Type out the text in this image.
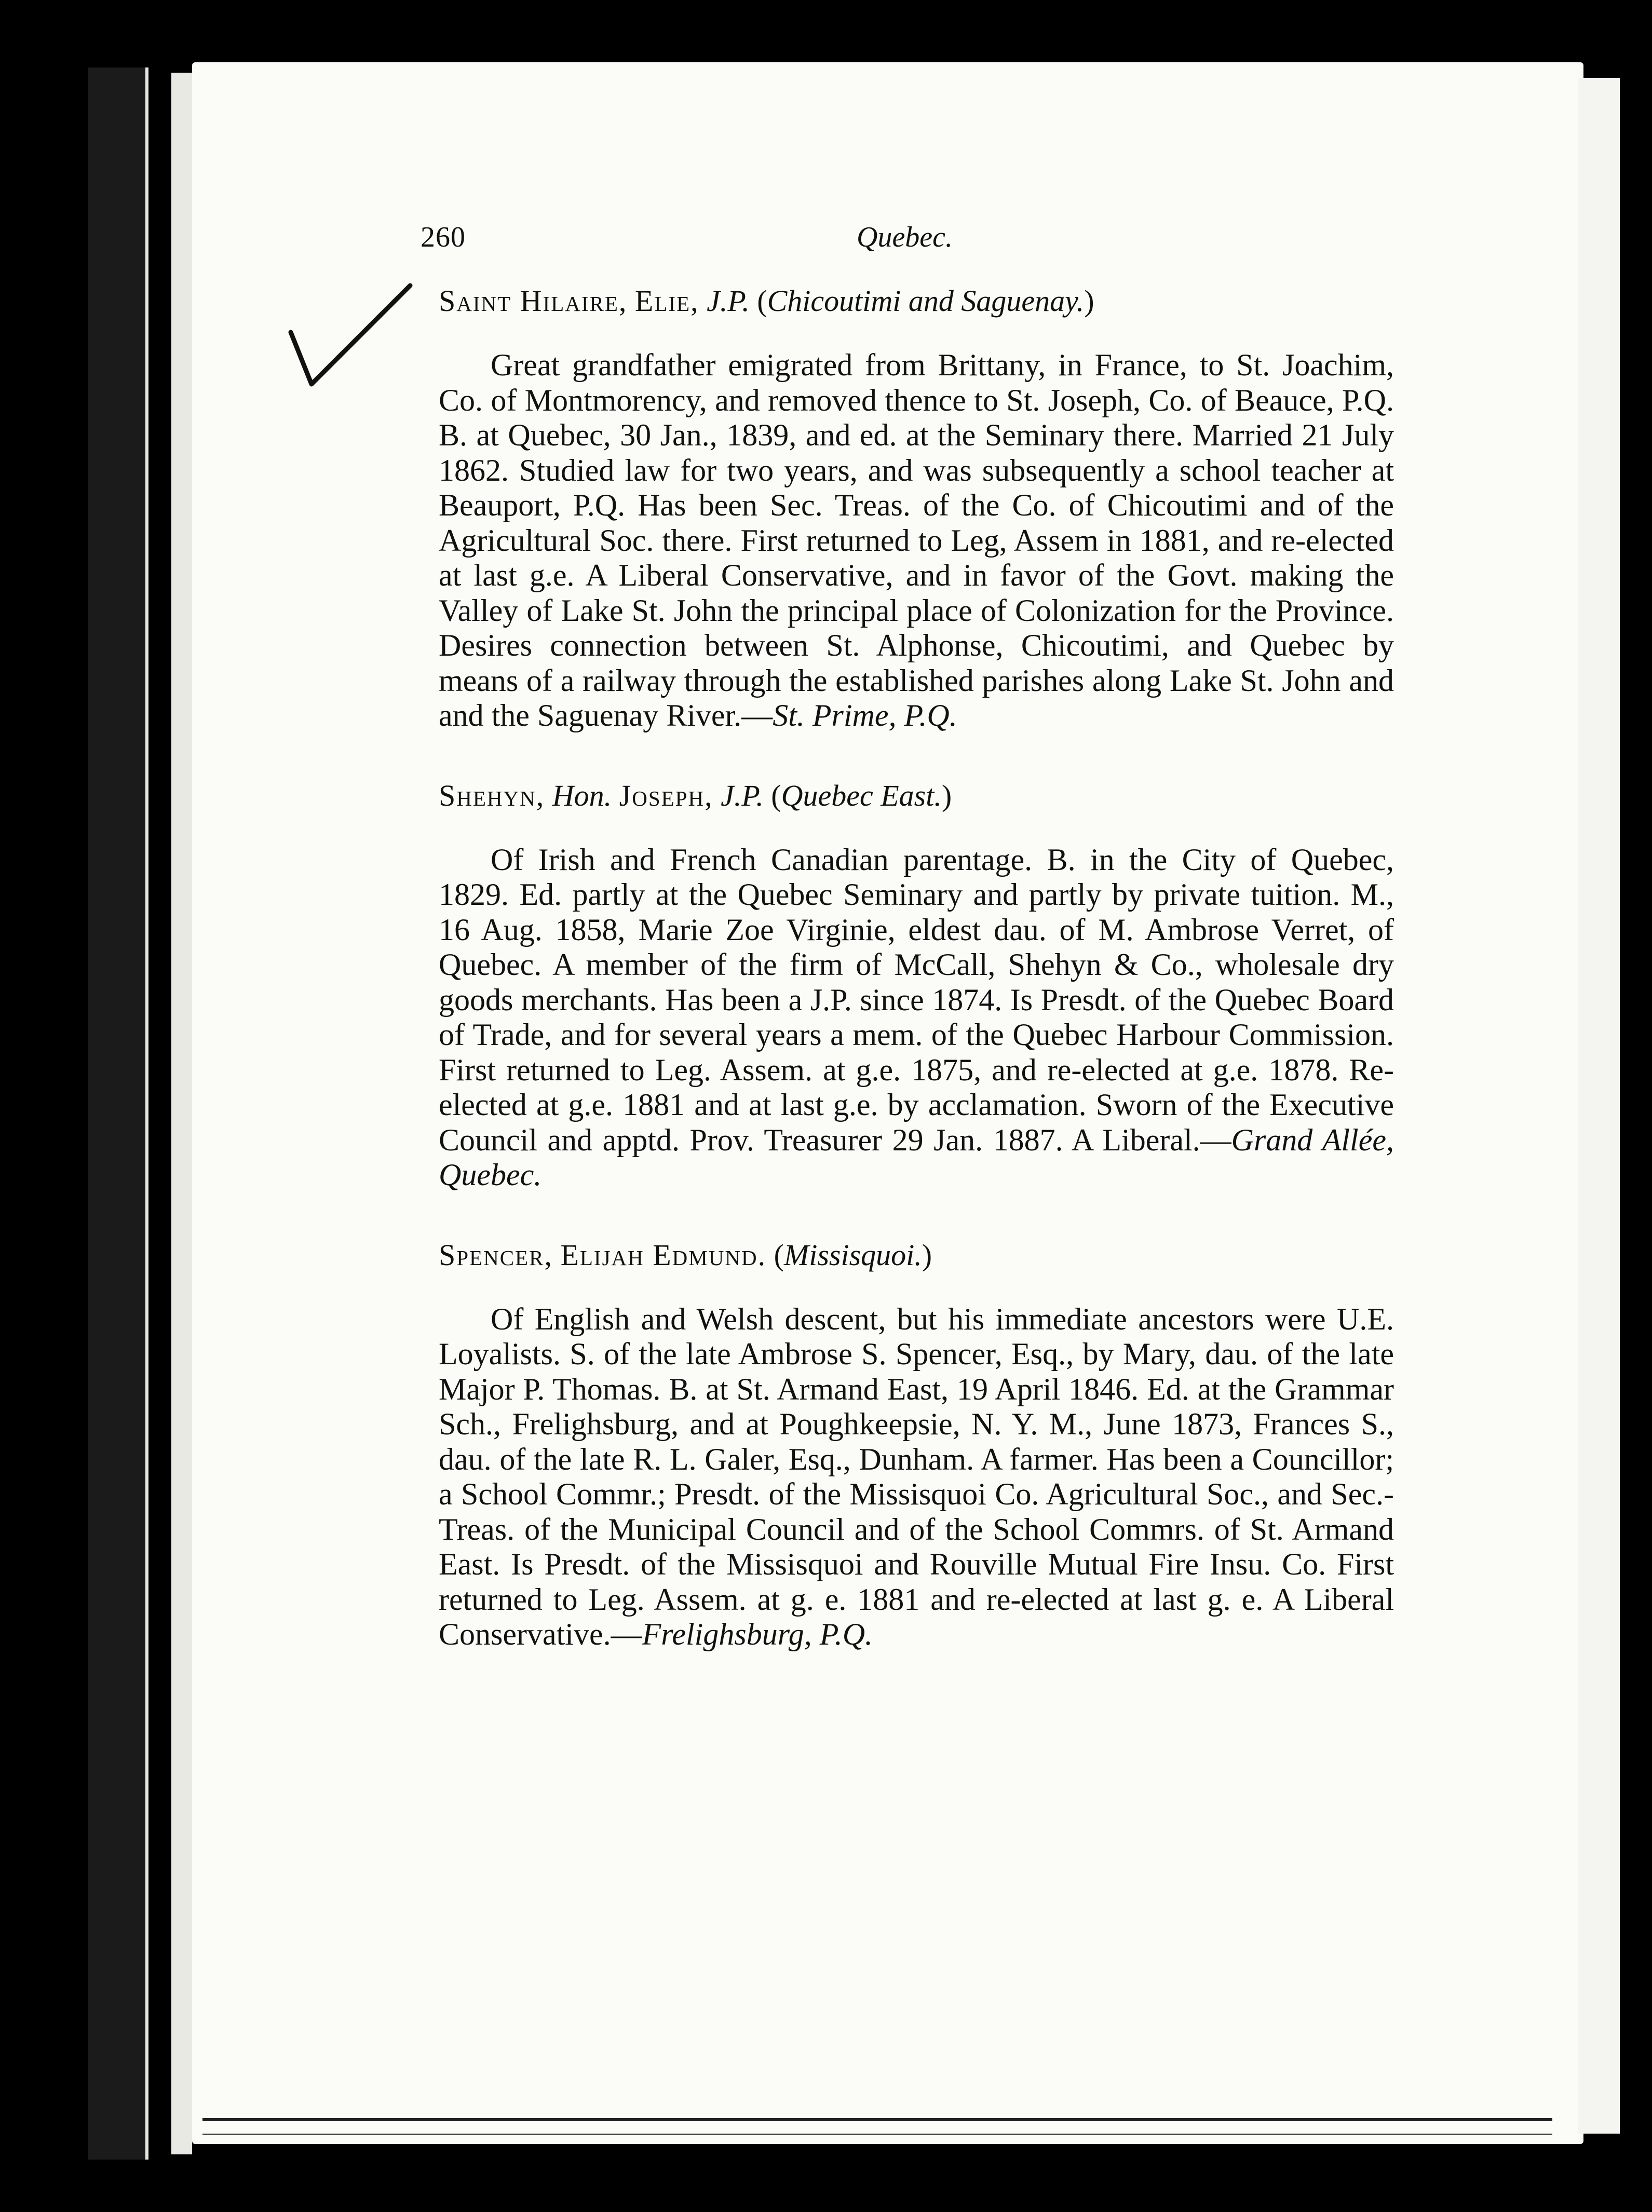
260	Quebec.
Saint Hilaire, Elie, J.P. (Chicoutimi and Saguenay.)

Great grandfather emigrated from Brittany, in France, to St. Joachim, Co. of Montmorency, and removed thence to St. Joseph, Co. of Beauce, P.Q. B. at Quebec, 30 Jan., 1839, and ed. at the Seminary there. Married 21 July 1862. Studied law for two years, and was subsequently a school teacher at Beauport, P.Q. Has been Sec. Treas. of the Co. of Chicoutimi and of the Agricultural Soc. there. First returned to Leg, Assem in 1881, and re-elected at last g.e. A Liberal Conservative, and in favor of the Govt. making the Valley of Lake St. John the principal place of Colonization for the Province. Desires connection between St. Alphonse, Chicoutimi, and Quebec by means of a railway through the established parishes along Lake St. John and and the Saguenay River.—St. Prime, P.Q.

Shehyn, Hon. Joseph, J.P. (Quebec East.)

Of Irish and French Canadian parentage. B. in the City of Quebec, 1829. Ed. partly at the Quebec Seminary and partly by private tuition. M., 16 Aug. 1858, Marie Zoe Virginie, eldest dau. of M. Ambrose Verret, of Quebec. A member of the firm of McCall, Shehyn & Co., wholesale dry goods merchants. Has been a J.P. since 1874. Is Presdt. of the Quebec Board of Trade, and for several years a mem. of the Quebec Harbour Commission. First returned to Leg. Assem. at g.e. 1875, and re-elected at g.e. 1878. Re-elected at g.e. 1881 and at last g.e. by acclamation. Sworn of the Executive Council and apptd. Prov. Treasurer 29 Jan. 1887. A Liberal.—Grand Allée, Quebec.

Spencer, Elijah Edmund. (Missisquoi.)

Of English and Welsh descent, but his immediate ancestors were U.E. Loyalists. S. of the late Ambrose S. Spencer, Esq., by Mary, dau. of the late Major P. Thomas. B. at St. Armand East, 19 April 1846. Ed. at the Grammar Sch., Frelighsburg, and at Poughkeepsie, N. Y. M., June 1873, Frances S., dau. of the late R. L. Galer, Esq., Dunham. A farmer. Has been a Councillor; a School Commr.; Presdt. of the Missisquoi Co. Agricultural Soc., and Sec.-Treas. of the Municipal Council and of the School Commrs. of St. Armand East. Is Presdt. of the Missisquoi and Rouville Mutual Fire Insu. Co. First returned to Leg. Assem. at g. e. 1881 and re-elected at last g. e. A Liberal Conservative.—Frelighsburg, P.Q.
